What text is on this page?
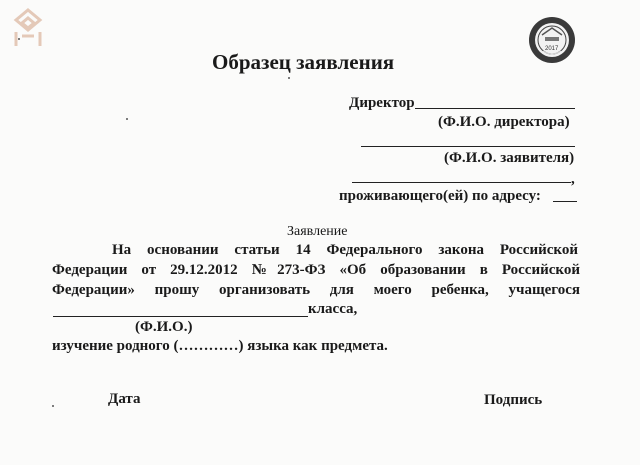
2017
Образец заявления
Директор
(Ф.И.О. директора)
(Ф.И.О. заявителя)
,
проживающего(ей) по адресу:
Заявление
На основании статьи 14 Федерального закона Российской
Федерации от 29.12.2012 №273-ФЗ «Об образовании в Российской
Федерации» прошу организовать для моего ребенка, учащегося
класса,
(Ф.И.О.)
изучение родного (…………) языка как предмета.
Дата	Подпись
